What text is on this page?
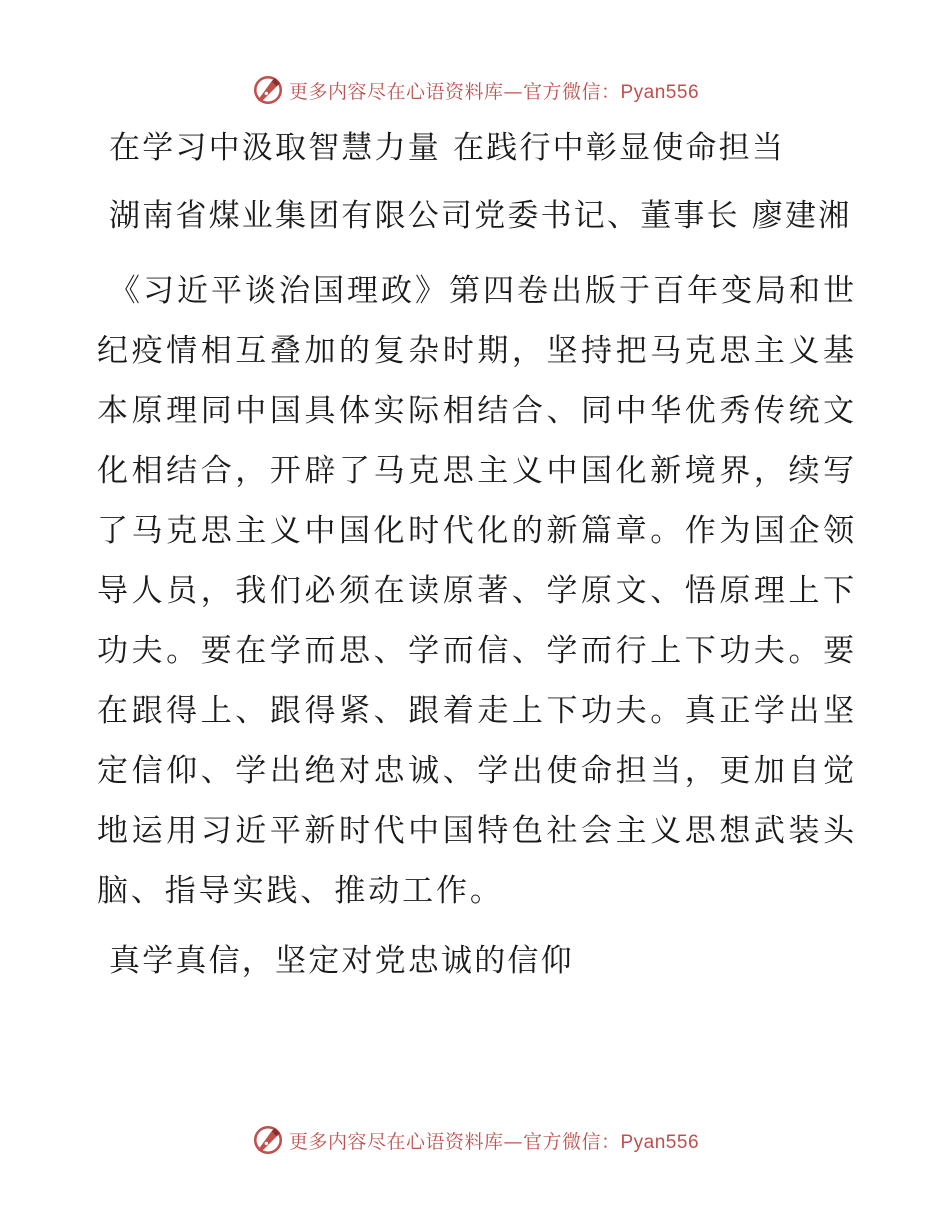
更多内容尽在心语资料库—官方微信：Pyan556
在学习中汲取智慧力量 在践行中彰显使命担当

湖南省煤业集团有限公司党委书记、董事长 廖建湘

《习近平谈治国理政》第四卷出版于百年变局和世纪疫情相互叠加的复杂时期，坚持把马克思主义基本原理同中国具体实际相结合、同中华优秀传统文化相结合，开辟了马克思主义中国化新境界，续写了马克思主义中国化时代化的新篇章。作为国企领导人员，我们必须在读原著、学原文、悟原理上下功夫。要在学而思、学而信、学而行上下功夫。要在跟得上、跟得紧、跟着走上下功夫。真正学出坚定信仰、学出绝对忠诚、学出使命担当，更加自觉地运用习近平新时代中国特色社会主义思想武装头脑、指导实践、推动工作。

真学真信，坚定对党忠诚的信仰
更多内容尽在心语资料库—官方微信：Pyan556
